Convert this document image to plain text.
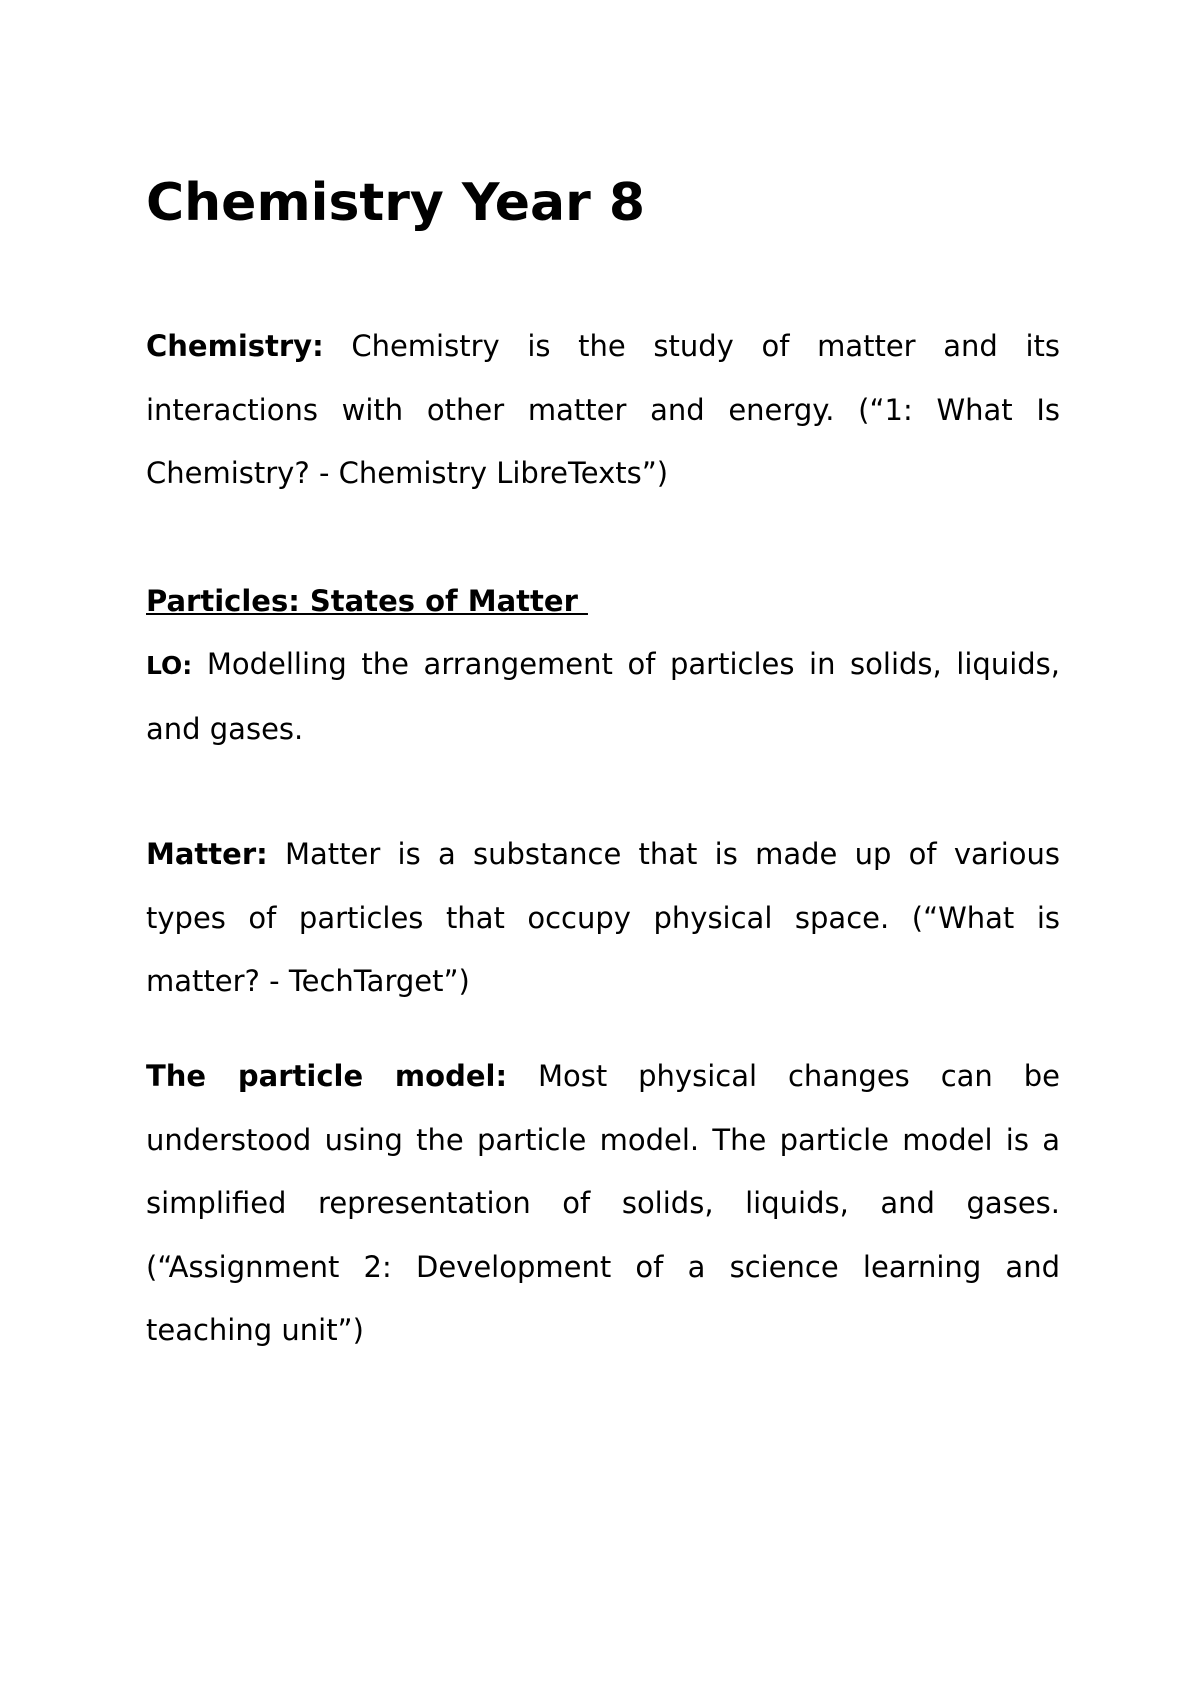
Chemistry Year 8

Chemistry: Chemistry is the study of matter and its interactions with other matter and energy. (“1: What Is Chemistry? - Chemistry LibreTexts”)

Particles: States of Matter

LO: Modelling the arrangement of particles in solids, liquids, and gases.

Matter: Matter is a substance that is made up of various types of particles that occupy physical space. (“What is matter? - TechTarget”)

The particle model: Most physical changes can be understood using the particle model. The particle model is a simplified representation of solids, liquids, and gases. (“Assignment 2: Development of a science learning and teaching unit”)
